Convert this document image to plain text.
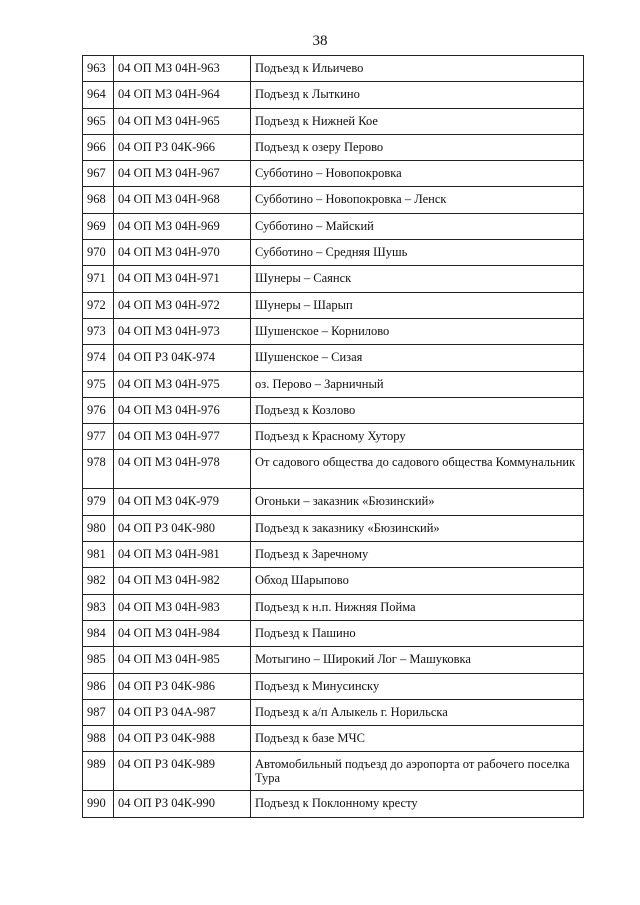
38
963	04 ОП МЗ 04Н-963	Подъезд к Ильичево
964	04 ОП МЗ 04Н-964	Подъезд к Лыткино
965	04 ОП МЗ 04Н-965	Подъезд к Нижней Кое
966	04 ОП РЗ 04К-966	Подъезд к озеру Перово
967	04 ОП МЗ 04Н-967	Субботино – Новопокровка
968	04 ОП МЗ 04Н-968	Субботино – Новопокровка – Ленск
969	04 ОП МЗ 04Н-969	Субботино – Майский
970	04 ОП МЗ 04Н-970	Субботино – Средняя Шушь
971	04 ОП МЗ 04Н-971	Шунеры – Саянск
972	04 ОП МЗ 04Н-972	Шунеры – Шарып
973	04 ОП МЗ 04Н-973	Шушенское – Корнилово
974	04 ОП РЗ 04К-974	Шушенское – Сизая
975	04 ОП МЗ 04Н-975	оз. Перово – Зарничный
976	04 ОП МЗ 04Н-976	Подъезд к Козлово
977	04 ОП МЗ 04Н-977	Подъезд к Красному Хутору
978	04 ОП МЗ 04Н-978	От садового общества до садового общества Коммунальник
979	04 ОП МЗ 04К-979	Огоньки – заказник «Бюзинский»
980	04 ОП РЗ 04К-980	Подъезд к заказнику «Бюзинский»
981	04 ОП МЗ 04Н-981	Подъезд к Заречному
982	04 ОП МЗ 04Н-982	Обход Шарыпово
983	04 ОП МЗ 04Н-983	Подъезд к н.п. Нижняя Пойма
984	04 ОП МЗ 04Н-984	Подъезд к Пашино
985	04 ОП МЗ 04Н-985	Мотыгино – Широкий Лог – Машуковка
986	04 ОП РЗ 04К-986	Подъезд к Минусинску
987	04 ОП РЗ 04А-987	Подъезд к а/п Алыкель г. Норильска
988	04 ОП РЗ 04К-988	Подъезд к базе МЧС
989	04 ОП РЗ 04К-989	Автомобильный подъезд до аэропорта от рабочего поселка Тура
990	04 ОП РЗ 04К-990	Подъезд к Поклонному кресту
